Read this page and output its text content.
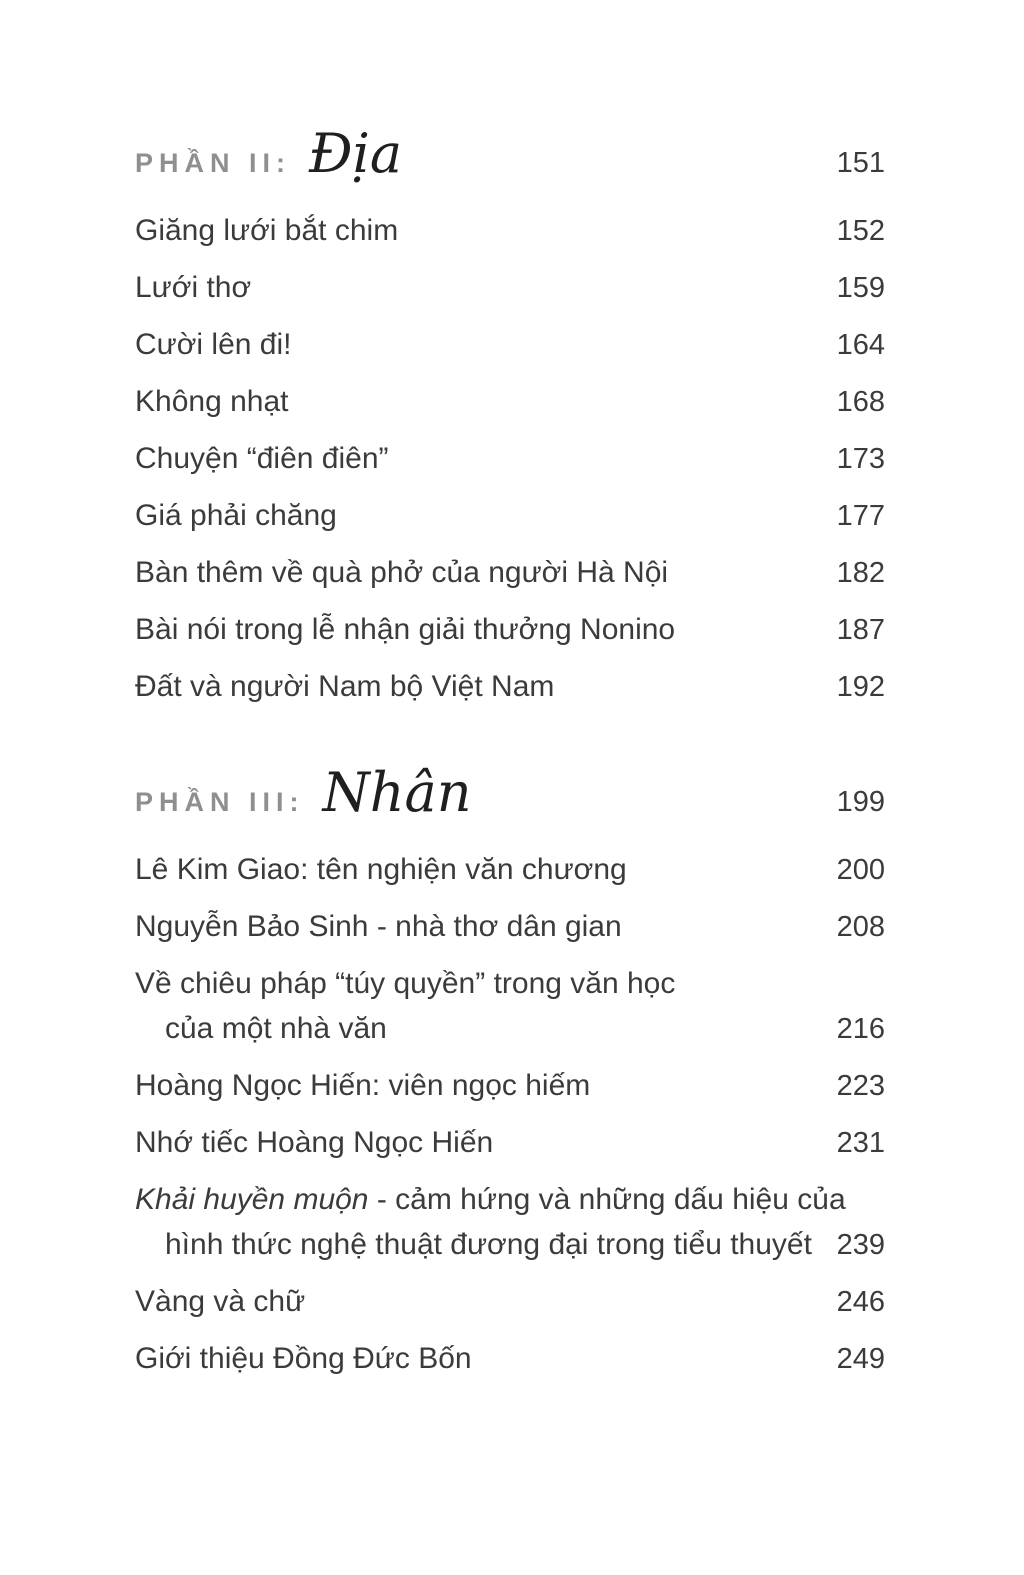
PHẦN II: Địa	151
Giăng lưới bắt chim	152
Lưới thơ	159
Cười lên đi!	164
Không nhạt	168
Chuyện “điên điên”	173
Giá phải chăng	177
Bàn thêm về quà phở của người Hà Nội	182
Bài nói trong lễ nhận giải thưởng Nonino	187
Đất và người Nam bộ Việt Nam	192
PHẦN III: Nhân	199
Lê Kim Giao: tên nghiện văn chương	200
Nguyễn Bảo Sinh - nhà thơ dân gian	208
Về chiêu pháp “túy quyền” trong văn học
của một nhà văn	216
Hoàng Ngọc Hiến: viên ngọc hiếm	223
Nhớ tiếc Hoàng Ngọc Hiến	231
Khải huyền muộn - cảm hứng và những dấu hiệu của
hình thức nghệ thuật đương đại trong tiểu thuyết 239
Vàng và chữ	246
Giới thiệu Đồng Đức Bốn	249
